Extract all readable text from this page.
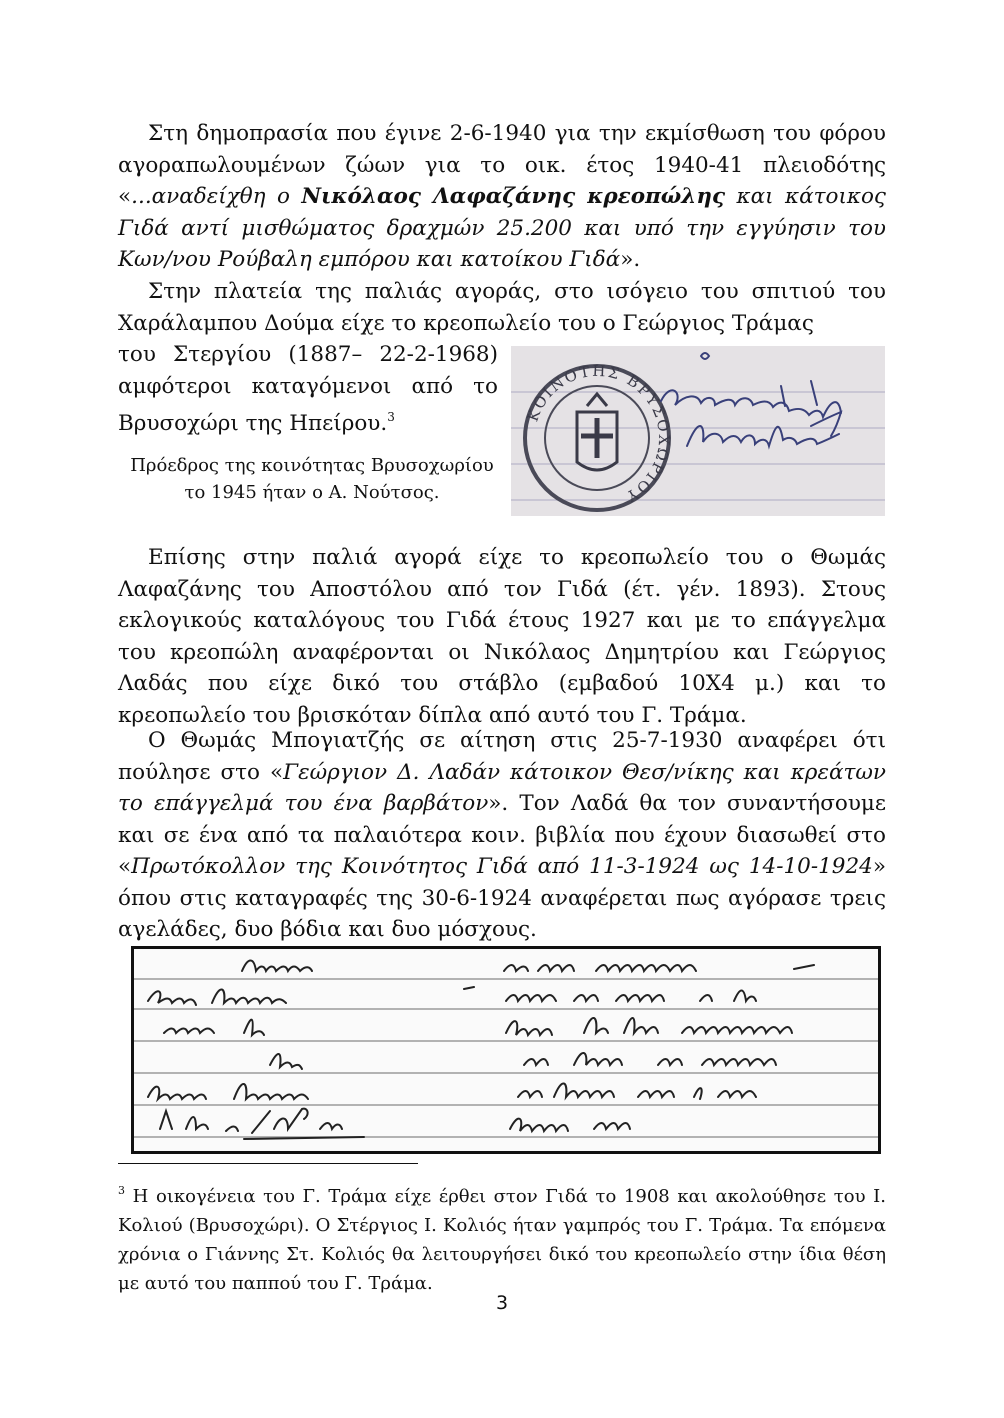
Στη δημοπρασία που έγινε 2-6-1940 για την εκμίσθωση του φόρου αγοραπωλουμένων ζώων για το οικ. έτος 1940-41 πλειοδότης «...αναδείχθη ο Νικόλαος Λαφαζάνης κρεοπώλης και κάτοικος Γιδά αντί μισθώματος δραχμών 25.200 και υπό την εγγύησιν του Κων/νου Ρούβαλη εμπόρου και κατοίκου Γιδά».

Στην πλατεία της παλιάς αγοράς, στο ισόγειο του σπιτιού του Χαράλαμπου Δούμα είχε το κρεοπωλείο του ο Γεώργιος Τράμας

του Στεργίου (1887– 22-2-1968) αμφότεροι καταγόμενοι από το Βρυσοχώρι της Ηπείρου.$^3$
Πρόεδρος της κοινότητας Βρυσοχωρίου το 1945 ήταν ο Α. Νούτσος.
ΚΟΙΝΟΤΗΣ ΒΡΥΣΟΧΩΡΙΟΥ

Επίσης στην παλιά αγορά είχε το κρεοπωλείο του ο Θωμάς Λαφαζάνης του Αποστόλου από τον Γιδά (έτ. γέν. 1893). Στους εκλογικούς καταλόγους του Γιδά έτους 1927 και με το επάγγελμα του κρεοπώλη αναφέρονται οι Νικόλαος Δημητρίου και Γεώργιος Λαδάς που είχε δικό του στάβλο (εμβαδού 10Χ4 μ.) και το κρεοπωλείο του βρισκόταν δίπλα από αυτό του Γ. Τράμα.

Ο Θωμάς Μπογιατζής σε αίτηση στις 25-7-1930 αναφέρει ότι πούλησε στο «Γεώργιον Δ. Λαδάν κάτοικον Θεσ/νίκης και κρεάτων το επάγγελμά του ένα βαρβάτον». Τον Λαδά θα τον συναντήσουμε και σε ένα από τα παλαιότερα κοιν. βιβλία που έχουν διασωθεί στο «Πρωτόκολλον της Κοινότητος Γιδά από 11-3-1924 ως 14-10-1924» όπου στις καταγραφές της 30-6-1924 αναφέρεται πως αγόρασε τρεις αγελάδες, δυο βόδια και δυο μόσχους.

$^3$ Η οικογένεια του Γ. Τράμα είχε έρθει στον Γιδά το 1908 και ακολούθησε του Ι. Κολιού (Βρυσοχώρι). Ο Στέργιος Ι. Κολιός ήταν γαμπρός του Γ. Τράμα. Τα επόμενα χρόνια ο Γιάννης Στ. Κολιός θα λειτουργήσει δικό του κρεοπωλείο στην ίδια θέση με αυτό του παππού του Γ. Τράμα.
3
